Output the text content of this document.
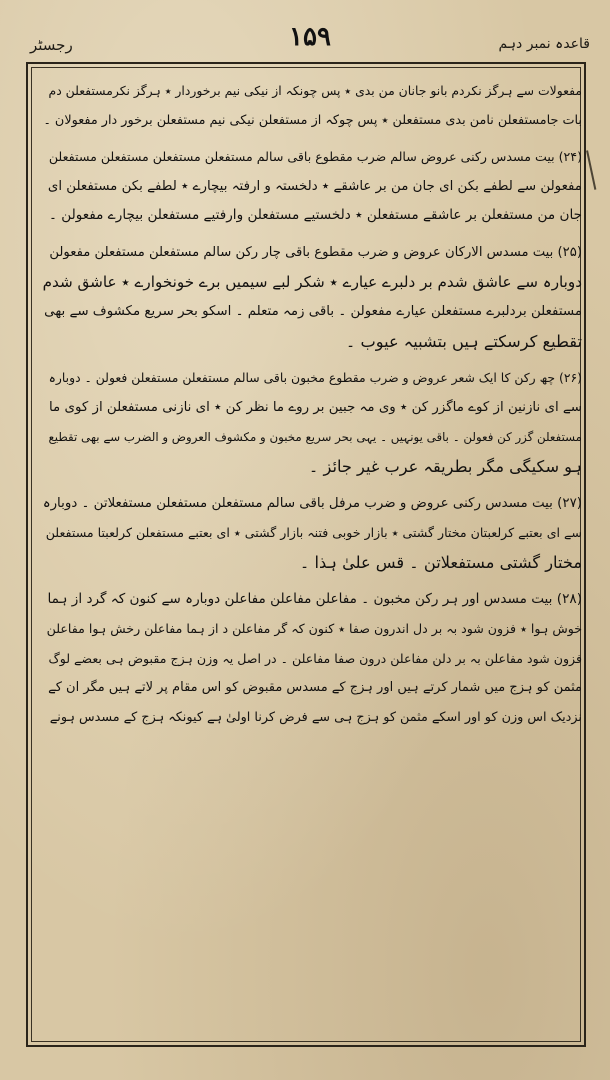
رجسٹر	۱۵۹	قاعدہ نمبر دہم

مفعولات سے ہرگز نکردم بانو جانان من بدی ٭ پس چونکہ از نیکی نیم برخوردار ٭ ہرگز نکرمستفعلن دم
بات جامستفعلن نامن بدی مستفعلن ٭ پس چوکہ از مستفعلن نیکی نیم مستفعلن برخور دار مفعولان ۔

(۲۴) بیت مسدس رکنی عروض سالم ضرب مقطوع باقی سالم مستفعلن مستفعلن مستفعلن مستفعلن
مفعولن سے لطفے بکن ای جان من بر عاشقے ٭ دلخستہ و ارفتہ بیچارے ٭ لطفے بکن مستفعلن ای
جان من مستفعلن بر عاشقے مستفعلن ٭ دلخستیے مستفعلن وارفتیے مستفعلن بیچارے مفعولن ۔

(۲۵) بیت مسدس الارکان عروض و ضرب مقطوع باقی چار رکن سالم مستفعلن مستفعلن مفعولن
دوبارہ سے عاشق شدم بر دلبرے عیارے ٭ شکر لبے سیمیں برے خونخوارے ٭ عاشق شدم
مستفعلن بردلبرے مستفعلن عیارے مفعولن ۔ باقی زمہ متعلم ۔ اسکو بحر سریع مکشوف سے بھی
تقطیع کرسکتے ہیں بتشبیہ عیوب ۔

(۲۶) چھ رکن کا ایک شعر عروض و ضرب مقطوع مخبون باقی سالم مستفعلن مستفعلن فعولن ۔ دوبارہ
سے ای نازنین از کوے ماگزر کن ٭ وی مہ جبین بر روے ما نظر کن ٭ ای نازنی مستفعلن از کوی ما
مستفعلن گزر کن فعولن ۔ باقی یونہیں ۔ یہی بحر سریع مخبون و مکشوف العروض و الضرب سے بھی تقطیع
ہو سکیگی مگر بطریقہ عرب غیر جائز ۔

(۲۷) بیت مسدس رکنی عروض و ضرب مرفل باقی سالم مستفعلن مستفعلن مستفعلاتن ۔ دوبارہ
سے ای بعتبے کرلعبتان مختار گشتی ٭ بازار خوبی فتنہ بازار گشتی ٭ ای بعتبے مستفعلن کرلعبتا مستفعلن
مختار گشتی مستفعلاتن ۔ قس علیٰ ہذا ۔

(۲۸) بیت مسدس اور ہر رکن مخبون ۔ مفاعلن مفاعلن مفاعلن دوبارہ سے کنون کہ گرد از ہما
خوش ہوا ٭ فزون شود بہ بر دل اندرون صفا ٭ کنون کہ گر مفاعلن د از ہما مفاعلن رخش ہوا مفاعلن
فزون شود مفاعلن بہ بر دلن مفاعلن درون صفا مفاعلن ۔ در اصل یہ وزن ہزج مقبوض ہی بعضے لوگ
مثمن کو ہزج میں شمار کرتے ہیں اور ہزج کے مسدس مقبوض کو اس مقام پر لاتے ہیں مگر ان کے
نزدیک اس وزن کو اور اسکے مثمن کو ہزج ہی سے فرض کرنا اولیٰ ہے کیونکہ ہزج کے مسدس ہونے
